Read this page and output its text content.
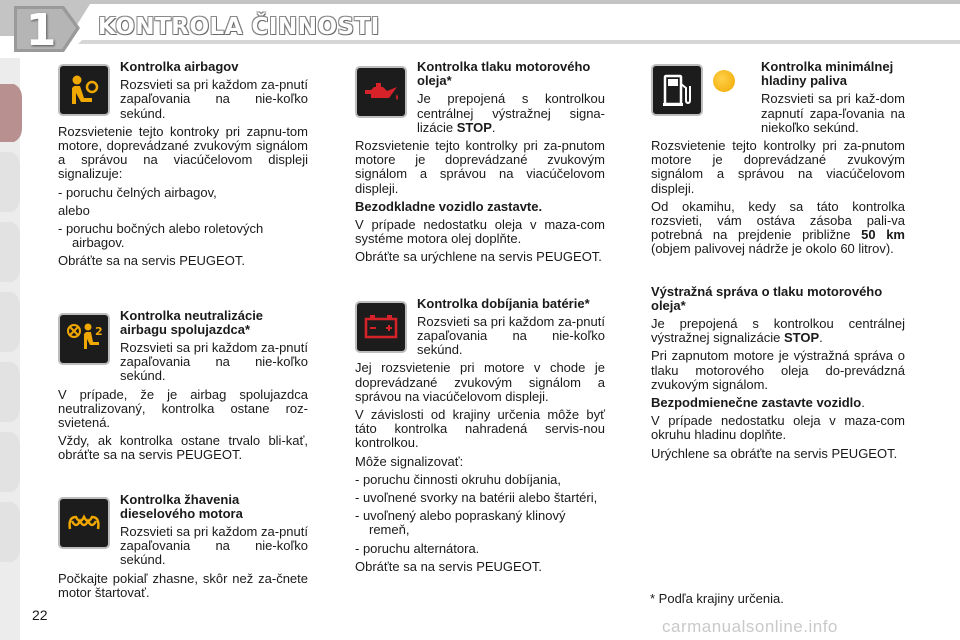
1 KONTROLA ČINNOSTI

Kontrolka airbagov

Rozsvieti sa pri každom za-pnutí zapaľovania na nie-koľko sekúnd.

Rozsvietenie tejto kontroky pri zapnu-tom motore, doprevádzané zvukovým signálom a správou na viacúčelovom displeji signalizuje:

- poruchu čelných airbagov,

alebo

- poruchu bočných alebo roletových airbagov.

Obráťte sa na servis PEUGEOT.

2

Kontrolka neutralizácie airbagu spolujazdca*

Rozsvieti sa pri každom za-pnutí zapaľovania na nie-koľko sekúnd.

V prípade, že je airbag spolujazdca neutralizovaný, kontrolka ostane roz-svietená.

Vždy, ak kontrolka ostane trvalo bli-kať, obráťte sa na servis PEUGEOT.

Kontrolka žhavenia dieselového motora

Rozsvieti sa pri každom za-pnutí zapaľovania na nie-koľko sekúnd.

Počkajte pokiaľ zhasne, skôr než za-čnete motor štartovať.

Kontrolka tlaku motorového oleja*

Je prepojená s kontrolkou centrálnej výstražnej signa-lizácie STOP.

Rozsvietenie tejto kontrolky pri za-pnutom motore je doprevádzané zvukovým signálom a správou na viacúčelovom displeji.

Bezodkladne vozidlo zastavte.

V prípade nedostatku oleja v maza-com systéme motora olej doplňte.

Obráťte sa urýchlene na servis PEUGEOT.

Kontrolka dobíjania batérie*

Rozsvieti sa pri každom za-pnutí zapaľovania na nie-koľko sekúnd.

Jej rozsvietenie pri motore v chode je doprevádzané zvukovým signálom a správou na viacúčelovom displeji.

V závislosti od krajiny určenia môže byť táto kontrolka nahradená servis-nou kontrolkou.

Môže signalizovať:

- poruchu činnosti okruhu dobíjania,

- uvoľnené svorky na batérii alebo štartéri,

- uvoľnený alebo popraskaný klinový remeň,

- poruchu alternátora.

Obráťte sa na servis PEUGEOT.

Kontrolka minimálnej hladiny paliva

Rozsvieti sa pri kaž-dom zapnutí zapa-ľovania na niekoľko sekúnd.

Rozsvietenie tejto kontrolky pri za-pnutom motore je doprevádzané zvukovým signálom a správou na viacúčelovom displeji.

Od okamihu, kedy sa táto kontrolka rozsvieti, vám ostáva zásoba pali-va potrebná na prejdenie približne 50 km (objem palivovej nádrže je okolo 60 litrov).

Výstražná správa o tlaku motorového oleja*

Je prepojená s kontrolkou centrálnej výstražnej signalizácie STOP.

Pri zapnutom motore je výstražná správa o tlaku motorového oleja do-prevádzná zvukovým signálom.

Bezpodmienečne zastavte vozidlo.

V prípade nedostatku oleja v maza-com okruhu hladinu doplňte.

Urýchlene sa obráťte na servis PEUGEOT.

* Podľa krajiny určenia.
22
carmanualsonline.info
